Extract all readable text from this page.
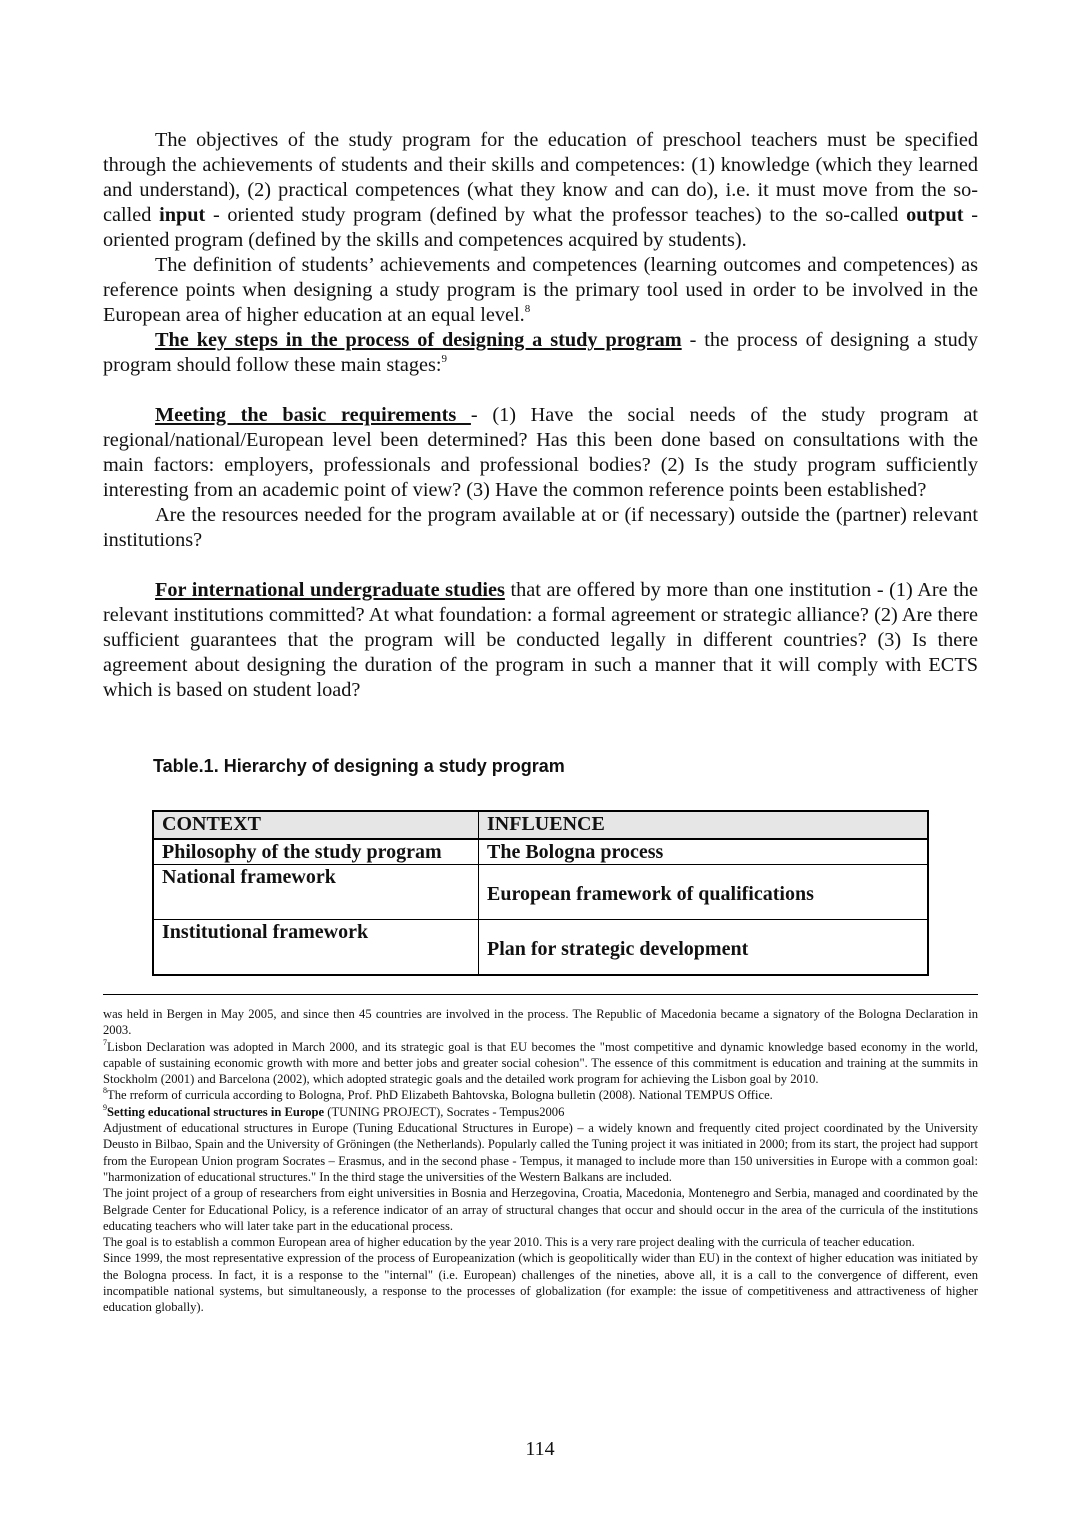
The objectives of the study program for the education of preschool teachers must be specified through the achievements of students and their skills and competences: (1) knowledge (which they learned and understand), (2) practical competences (what they know and can do), i.e. it must move from the so-called input - oriented study program (defined by what the professor teaches) to the so-called output - oriented program (defined by the skills and competences acquired by students).

The definition of students’ achievements and competences (learning outcomes and competences) as reference points when designing a study program is the primary tool used in order to be involved in the European area of higher education at an equal level.$^8$

The key steps in the process of designing a study program - the process of designing a study program should follow these main stages:$^9$

Meeting the basic requirements - (1) Have the social needs of the study program at regional/national/European level been determined? Has this been done based on consultations with the main factors: employers, professionals and professional bodies? (2) Is the study program sufficiently interesting from an academic point of view? (3) Have the common reference points been established?

Are the resources needed for the program available at or (if necessary) outside the (partner) relevant institutions?

For international undergraduate studies that are offered by more than one institution - (1) Are the relevant institutions committed? At what foundation: a formal agreement or strategic alliance? (2) Are there sufficient guarantees that the program will be conducted legally in different countries? (3) Is there agreement about designing the duration of the program in such a manner that it will comply with ECTS which is based on student load?

Table.1. Hierarchy of designing a study program
CONTEXT	INFLUENCE
Philosophy of the study program	The Bologna process
National framework	European framework of qualifications
Institutional framework	Plan for strategic development

was held in Bergen in May 2005, and since then 45 countries are involved in the process. The Republic of Macedonia became a signatory of the Bologna Declaration in 2003.

$^7$Lisbon Declaration was adopted in March 2000, and its strategic goal is that EU becomes the "most competitive and dynamic knowledge based economy in the world, capable of sustaining economic growth with more and better jobs and greater social cohesion". The essence of this commitment is education and training at the summits in Stockholm (2001) and Barcelona (2002), which adopted strategic goals and the detailed work program for achieving the Lisbon goal by 2010.

$^8$The rreform of curricula according to Bologna, Prof. PhD Elizabeth Bahtovska, Bologna bulletin (2008). National TEMPUS Office.

$^9$Setting educational structures in Europe (TUNING PROJECT), Socrates - Tempus2006

Adjustment of educational structures in Europe (Tuning Educational Structures in Europe) – a widely known and frequently cited project coordinated by the University Deusto in Bilbao, Spain and the University of Gröningen (the Netherlands). Popularly called the Tuning project it was initiated in 2000; from its start, the project had support from the European Union program Socrates – Erasmus, and in the second phase - Tempus, it managed to include more than 150 universities in Europe with a common goal: "harmonization of educational structures." In the third stage the universities of the Western Balkans are included.

The joint project of a group of researchers from eight universities in Bosnia and Herzegovina, Croatia, Macedonia, Montenegro and Serbia, managed and coordinated by the Belgrade Center for Educational Policy, is a reference indicator of an array of structural changes that occur and should occur in the area of the curricula of the institutions educating teachers who will later take part in the educational process.

The goal is to establish a common European area of higher education by the year 2010. This is a very rare project dealing with the curricula of teacher education.

Since 1999, the most representative expression of the process of Europeanization (which is geopolitically wider than EU) in the context of higher education was initiated by the Bologna process. In fact, it is a response to the "internal" (i.e. European) challenges of the nineties, above all, it is a call to the convergence of different, even incompatible national systems, but simultaneously, a response to the processes of globalization (for example: the issue of competitiveness and attractiveness of higher education globally).

114
